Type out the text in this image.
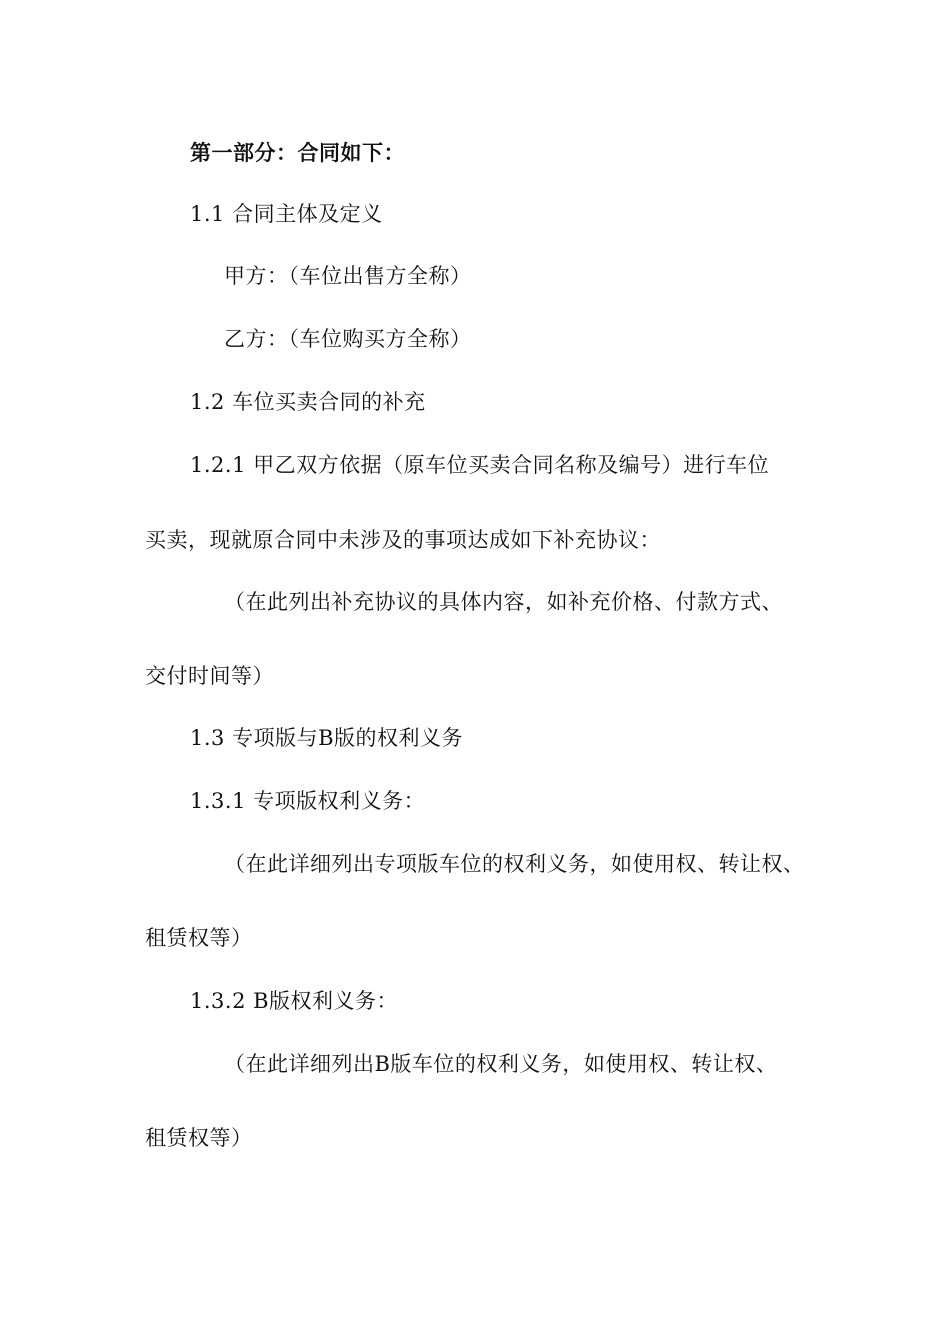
第一部分：合同如下：
1.1 合同主体及定义
甲方：（车位出售方全称）
乙方：（车位购买方全称）
1.2 车位买卖合同的补充
1.2.1 甲乙双方依据（原车位买卖合同名称及编号）进行车位
买卖，现就原合同中未涉及的事项达成如下补充协议：
（在此列出补充协议的具体内容，如补充价格、付款方式、
交付时间等）
1.3 专项版与B版的权利义务
1.3.1 专项版权利义务：
（在此详细列出专项版车位的权利义务，如使用权、转让权、
租赁权等）
1.3.2 B版权利义务：
（在此详细列出B版车位的权利义务，如使用权、转让权、
租赁权等）
